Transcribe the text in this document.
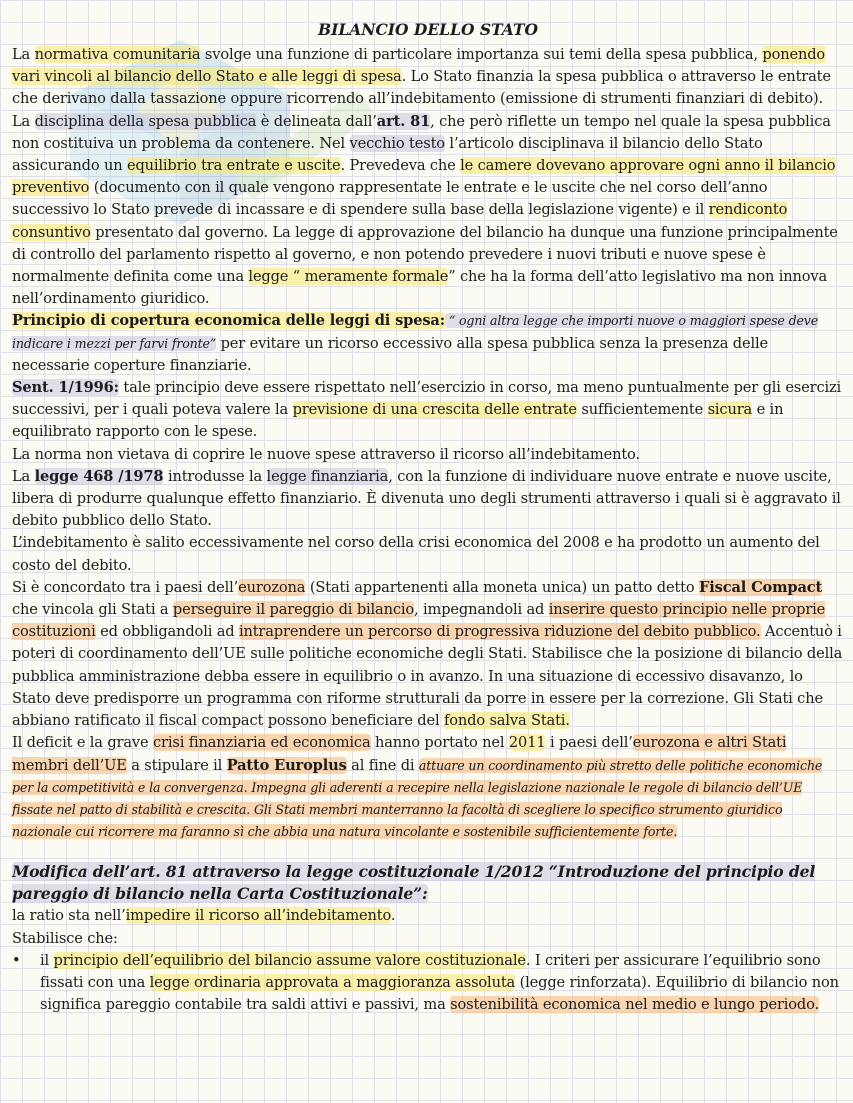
BILANCIO DELLO STATO

La normativa comunitaria svolge una funzione di particolare importanza sui temi della spesa pubblica, ponendo vari vincoli al bilancio dello Stato e alle leggi di spesa. Lo Stato finanzia la spesa pubblica o attraverso le entrate che derivano dalla tassazione oppure ricorrendo all’indebitamento (emissione di strumenti finanziari di debito).

La disciplina della spesa pubblica è delineata dall’art. 81, che però riflette un tempo nel quale la spesa pubblica non costituiva un problema da contenere. Nel vecchio testo l’articolo disciplinava il bilancio dello Stato assicurando un equilibrio tra entrate e uscite. Prevedeva che le camere dovevano approvare ogni anno il bilancio preventivo (documento con il quale vengono rappresentate le entrate e le uscite che nel corso dell’anno successivo lo Stato prevede di incassare e di spendere sulla base della legislazione vigente) e il rendiconto consuntivo presentato dal governo. La legge di approvazione del bilancio ha dunque una funzione principalmente di controllo del parlamento rispetto al governo, e non potendo prevedere i nuovi tributi e nuove spese è normalmente definita come una legge “ meramente formale” che ha la forma dell’atto legislativo ma non innova nell’ordinamento giuridico.

Principio di copertura economica delle leggi di spesa: “ ogni altra legge che importi nuove o maggiori spese deve indicare i mezzi per farvi fronte” per evitare un ricorso eccessivo alla spesa pubblica senza la presenza delle necessarie coperture finanziarie.

Sent. 1/1996: tale principio deve essere rispettato nell’esercizio in corso, ma meno puntualmente per gli esercizi successivi, per i quali poteva valere la previsione di una crescita delle entrate sufficientemente sicura e in equilibrato rapporto con le spese.

La norma non vietava di coprire le nuove spese attraverso il ricorso all’indebitamento.

La legge 468 /1978 introdusse la legge finanziaria, con la funzione di individuare nuove entrate e nuove uscite, libera di produrre qualunque effetto finanziario. È divenuta uno degli strumenti attraverso i quali si è aggravato il debito pubblico dello Stato.

L’indebitamento è salito eccessivamente nel corso della crisi economica del 2008 e ha prodotto un aumento del costo del debito.

Si è concordato tra i paesi dell’eurozona (Stati appartenenti alla moneta unica) un patto detto Fiscal Compact che vincola gli Stati a perseguire il pareggio di bilancio, impegnandoli ad inserire questo principio nelle proprie costituzioni ed obbligandoli ad intraprendere un percorso di progressiva riduzione del debito pubblico. Accentuò i poteri di coordinamento dell’UE sulle politiche economiche degli Stati. Stabilisce che la posizione di bilancio della pubblica amministrazione debba essere in equilibrio o in avanzo. In una situazione di eccessivo disavanzo, lo Stato deve predisporre un programma con riforme strutturali da porre in essere per la correzione. Gli Stati che abbiano ratificato il fiscal compact possono beneficiare del fondo salva Stati.

Il deficit e la grave crisi finanziaria ed economica hanno portato nel 2011 i paesi dell’eurozona e altri Stati membri dell’UE a stipulare il Patto Europlus al fine di attuare un coordinamento più stretto delle politiche economiche per la competitività e la convergenza. Impegna gli aderenti a recepire nella legislazione nazionale le regole di bilancio dell’UE fissate nel patto di stabilità e crescita. Gli Stati membri manterranno la facoltà di scegliere lo specifico strumento giuridico nazionale cui ricorrere ma faranno sì che abbia una natura vincolante e sostenibile sufficientemente forte.

Modifica dell’art. 81 attraverso la legge costituzionale 1/2012 “Introduzione del principio del pareggio di bilancio nella Carta Costituzionale”:

la ratio sta nell’impedire il ricorso all’indebitamento.

Stabilisce che:

• il principio dell’equilibrio del bilancio assume valore costituzionale. I criteri per assicurare l’equilibrio sono fissati con una legge ordinaria approvata a maggioranza assoluta (legge rinforzata). Equilibrio di bilancio non significa pareggio contabile tra saldi attivi e passivi, ma sostenibilità economica nel medio e lungo periodo.
